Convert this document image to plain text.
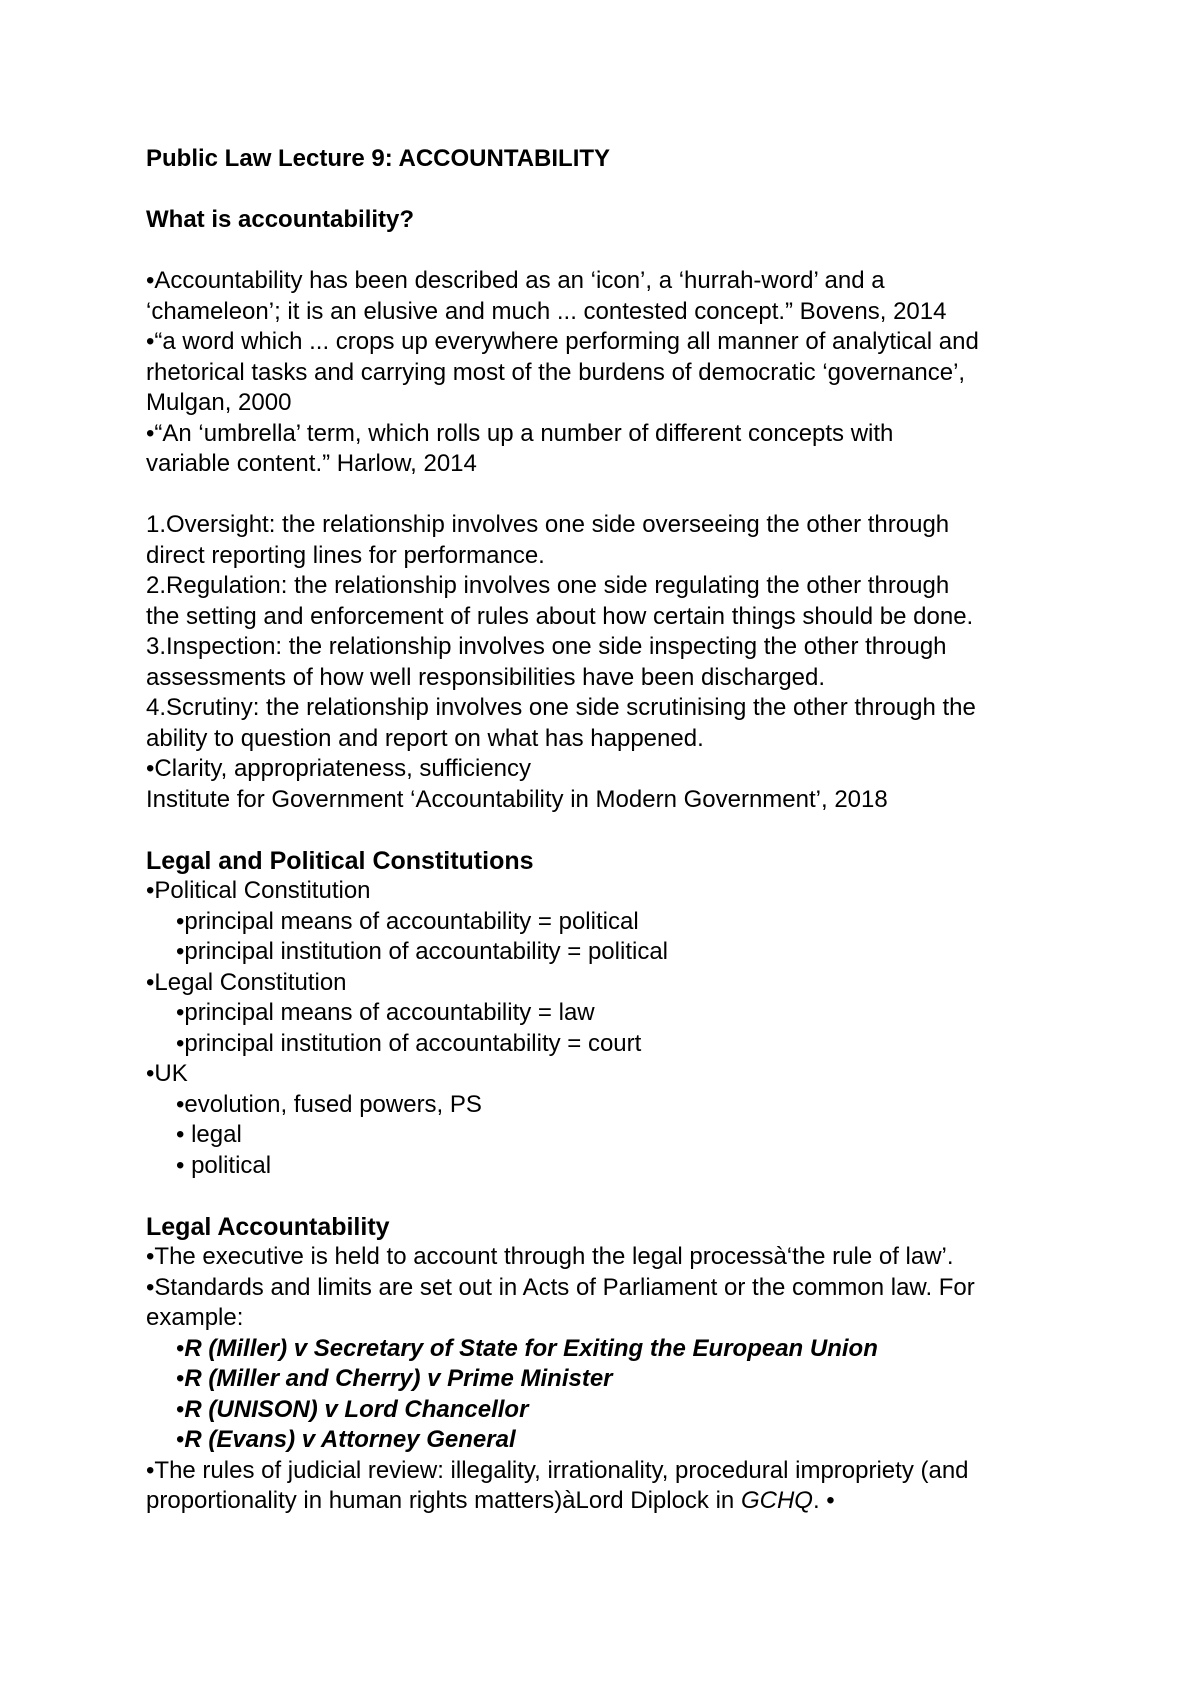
Public Law Lecture 9: ACCOUNTABILITY
What is accountability?
•Accountability has been described as an ‘icon’, a ‘hurrah-word’ and a
‘chameleon’; it is an elusive and much ... contested concept.” Bovens, 2014
•“a word which ... crops up everywhere performing all manner of analytical and
rhetorical tasks and carrying most of the burdens of democratic ‘governance’,
Mulgan, 2000
•“An ‘umbrella’ term, which rolls up a number of different concepts with
variable content.” Harlow, 2014
1.Oversight: the relationship involves one side overseeing the other through
direct reporting lines for performance.
2.Regulation: the relationship involves one side regulating the other through
the setting and enforcement of rules about how certain things should be done.
3.Inspection: the relationship involves one side inspecting the other through
assessments of how well responsibilities have been discharged.
4.Scrutiny: the relationship involves one side scrutinising the other through the
ability to question and report on what has happened.
•Clarity, appropriateness, sufficiency
Institute for Government ‘Accountability in Modern Government’, 2018
Legal and Political Constitutions
•Political Constitution
•principal means of accountability = political
•principal institution of accountability = political
•Legal Constitution
•principal means of accountability = law
•principal institution of accountability = court
•UK
•evolution, fused powers, PS
• legal
• political
Legal Accountability
•The executive is held to account through the legal processà‘the rule of law’.
•Standards and limits are set out in Acts of Parliament or the common law. For
example:
•R (Miller) v Secretary of State for Exiting the European Union
•R (Miller and Cherry) v Prime Minister
•R (UNISON) v Lord Chancellor
•R (Evans) v Attorney General
•The rules of judicial review: illegality, irrationality, procedural impropriety (and
proportionality in human rights matters)àLord Diplock in GCHQ. •
